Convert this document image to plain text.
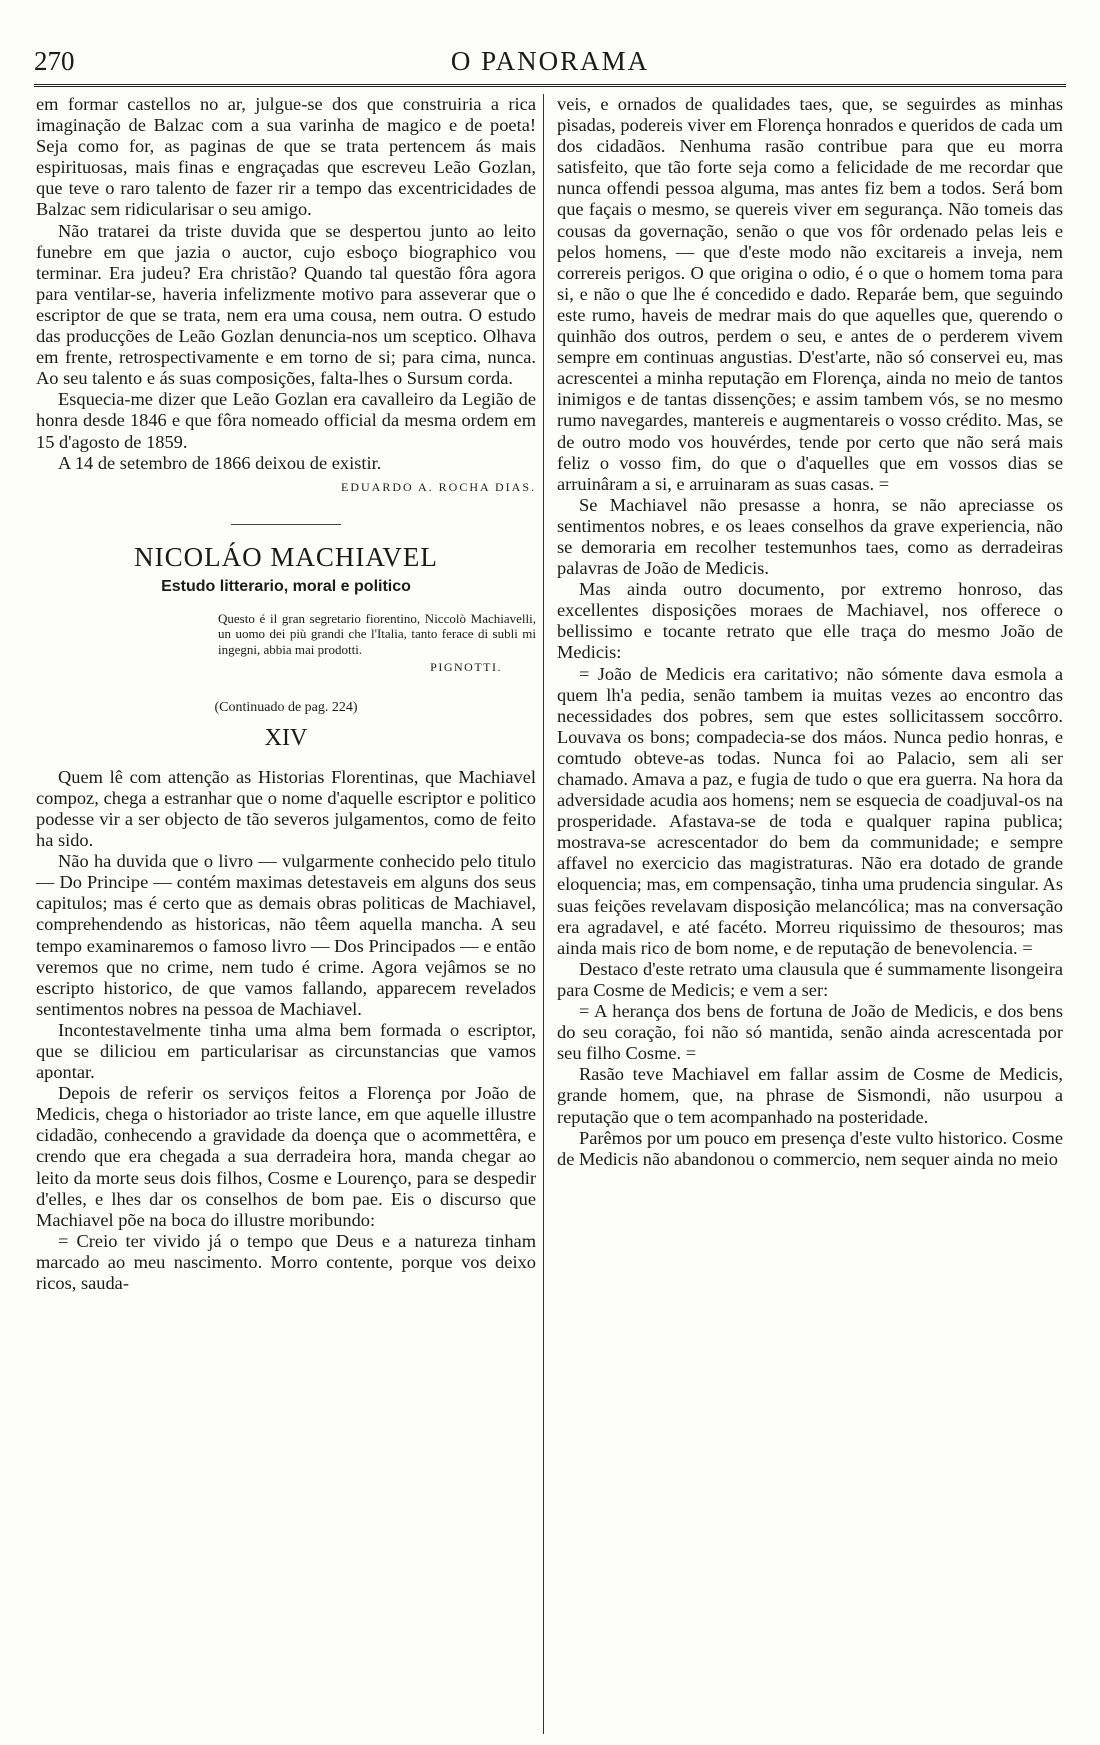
270	O PANORAMA

em formar castellos no ar, julgue-se dos que construiria a rica imaginação de Balzac com a sua varinha de magico e de poeta! Seja como for, as paginas de que se trata pertencem ás mais espirituosas, mais finas e engraçadas que escreveu Leão Gozlan, que teve o raro talento de fazer rir a tempo das excentricidades de Balzac sem ridicularisar o seu amigo.

Não tratarei da triste duvida que se despertou junto ao leito funebre em que jazia o auctor, cujo esboço biographico vou terminar. Era judeu? Era christão? Quando tal questão fôra agora para ventilar-se, haveria infelizmente motivo para asseverar que o escriptor de que se trata, nem era uma cousa, nem outra. O estudo das producções de Leão Gozlan denuncia-nos um sceptico. Olhava em frente, retrospectivamente e em torno de si; para cima, nunca. Ao seu talento e ás suas composições, falta-lhes o Sursum corda.

Esquecia-me dizer que Leão Gozlan era cavalleiro da Legião de honra desde 1846 e que fôra nomeado official da mesma ordem em 15 d'agosto de 1859.

A 14 de setembro de 1866 deixou de existir.

EDUARDO A. ROCHA DIAS.

NICOLÁO MACHIAVEL
Estudo litterario, moral e politico
Questo é il gran segretario fiorentino, Niccolò Machiavelli, un uomo dei più grandi che l'Italia, tanto ferace di subli mi ingegni, abbia mai prodotti.
PIGNOTTI.
(Continuado de pag. 224)
XIV

Quem lê com attenção as Historias Florentinas, que Machiavel compoz, chega a estranhar que o nome d'aquelle escriptor e politico podesse vir a ser objecto de tão severos julgamentos, como de feito ha sido.

Não ha duvida que o livro — vulgarmente conhecido pelo titulo — Do Principe — contém maximas detestaveis em alguns dos seus capitulos; mas é certo que as demais obras politicas de Machiavel, comprehendendo as historicas, não têem aquella mancha. A seu tempo examinaremos o famoso livro — Dos Principados — e então veremos que no crime, nem tudo é crime. Agora vejâmos se no escripto historico, de que vamos fallando, apparecem revelados sentimentos nobres na pessoa de Machiavel.

Incontestavelmente tinha uma alma bem formada o escriptor, que se diliciou em particularisar as circunstancias que vamos apontar.

Depois de referir os serviços feitos a Florença por João de Medicis, chega o historiador ao triste lance, em que aquelle illustre cidadão, conhecendo a gravidade da doença que o acommettêra, e crendo que era chegada a sua derradeira hora, manda chegar ao leito da morte seus dois filhos, Cosme e Lourenço, para se despedir d'elles, e lhes dar os conselhos de bom pae. Eis o discurso que Machiavel põe na boca do illustre moribundo:

= Creio ter vivido já o tempo que Deus e a natureza tinham marcado ao meu nascimento. Morro contente, porque vos deixo ricos, sauda-

veis, e ornados de qualidades taes, que, se seguirdes as minhas pisadas, podereis viver em Florença honrados e queridos de cada um dos cidadãos. Nenhuma rasão contribue para que eu morra satisfeito, que tão forte seja como a felicidade de me recordar que nunca offendi pessoa alguma, mas antes fiz bem a todos. Será bom que façais o mesmo, se quereis viver em segurança. Não tomeis das cousas da governação, senão o que vos fôr ordenado pelas leis e pelos homens, — que d'este modo não excitareis a inveja, nem correreis perigos. O que origina o odio, é o que o homem toma para si, e não o que lhe é concedido e dado. Reparáe bem, que seguindo este rumo, haveis de medrar mais do que aquelles que, querendo o quinhão dos outros, perdem o seu, e antes de o perderem vivem sempre em continuas angustias. D'est'arte, não só conservei eu, mas acrescentei a minha reputação em Florença, ainda no meio de tantos inimigos e de tantas dissenções; e assim tambem vós, se no mesmo rumo navegardes, mantereis e augmentareis o vosso crédito. Mas, se de outro modo vos houvérdes, tende por certo que não será mais feliz o vosso fim, do que o d'aquelles que em vossos dias se arruinâram a si, e arruinaram as suas casas. =

Se Machiavel não presasse a honra, se não apreciasse os sentimentos nobres, e os leaes conselhos da grave experiencia, não se demoraria em recolher testemunhos taes, como as derradeiras palavras de João de Medicis.

Mas ainda outro documento, por extremo honroso, das excellentes disposições moraes de Machiavel, nos offerece o bellissimo e tocante retrato que elle traça do mesmo João de Medicis:

= João de Medicis era caritativo; não sómente dava esmola a quem lh'a pedia, senão tambem ia muitas vezes ao encontro das necessidades dos pobres, sem que estes sollicitassem soccôrro. Louvava os bons; compadecia-se dos máos. Nunca pedio honras, e comtudo obteve-as todas. Nunca foi ao Palacio, sem ali ser chamado. Amava a paz, e fugia de tudo o que era guerra. Na hora da adversidade acudia aos homens; nem se esquecia de coadjuval-os na prosperidade. Afastava-se de toda e qualquer rapina publica; mostrava-se acrescentador do bem da communidade; e sempre affavel no exercicio das magistraturas. Não era dotado de grande eloquencia; mas, em compensação, tinha uma prudencia singular. As suas feições revelavam disposição melancólica; mas na conversação era agradavel, e até facéto. Morreu riquissimo de thesouros; mas ainda mais rico de bom nome, e de reputação de benevolencia. =

Destaco d'este retrato uma clausula que é summamente lisongeira para Cosme de Medicis; e vem a ser:

= A herança dos bens de fortuna de João de Medicis, e dos bens do seu coração, foi não só mantida, senão ainda acrescentada por seu filho Cosme. =

Rasão teve Machiavel em fallar assim de Cosme de Medicis, grande homem, que, na phrase de Sismondi, não usurpou a reputação que o tem acompanhado na posteridade.

Parêmos por um pouco em presença d'este vulto historico. Cosme de Medicis não abandonou o commercio, nem sequer ainda no meio
